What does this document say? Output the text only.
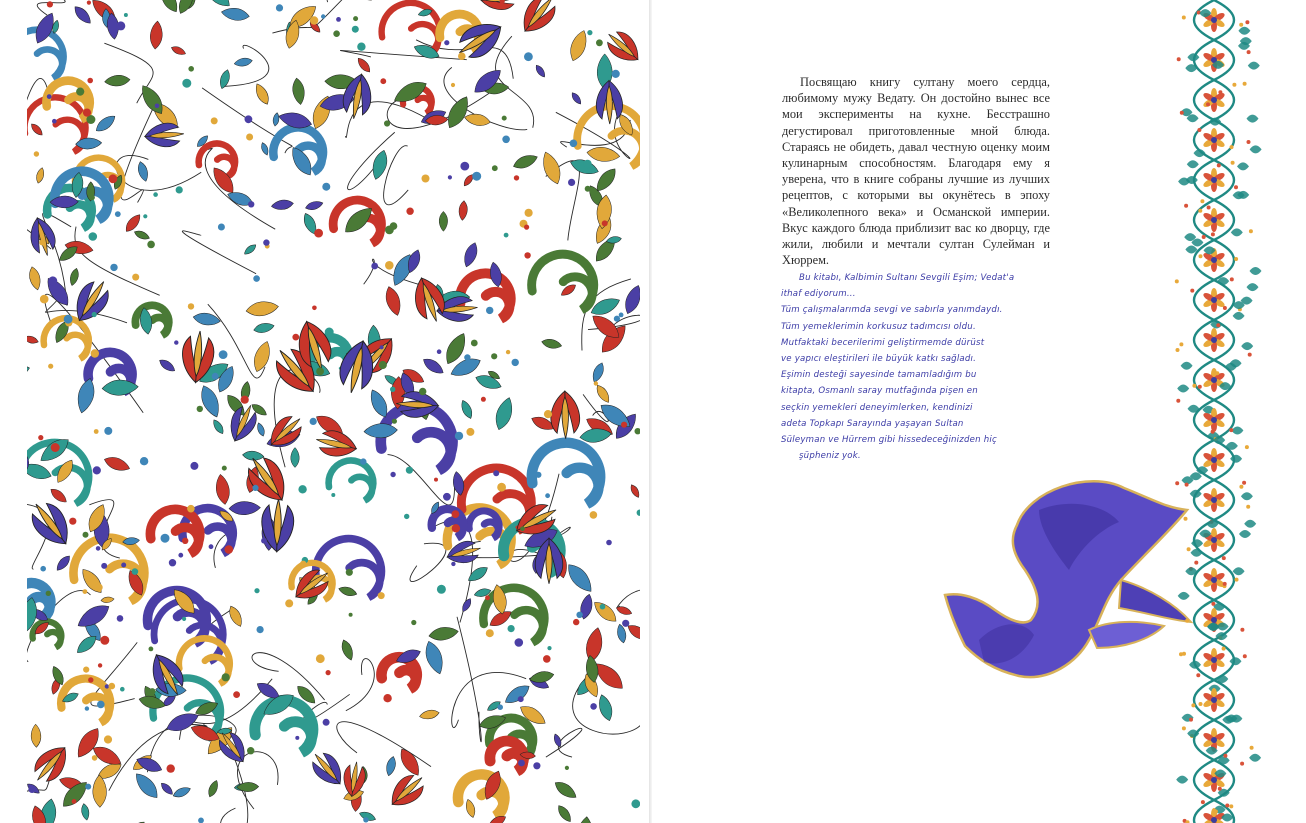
Посвящаю книгу султану моего сердца, любимому мужу Ведату. Он достойно вынес все мои эксперименты на кухне. Бесстрашно дегустировал приготовленные мной блюда. Стараясь не обидеть, давал честную оценку моим кулинарным способностям. Благодаря ему я уверена, что в книге собраны лучшие из лучших рецептов, с которыми вы окунётесь в эпоху «Великолепного века» и Османской империи. Вкус каждого блюда приблизит вас ко дворцу, где жили, любили и мечтали султан Сулейман и Хюррем.

Bu kitabı, Kalbimin Sultanı Sevgili Eşim; Vedat'a
ithaf ediyorum...
Tüm çalışmalarımda sevgi ve sabırla yanımdaydı.
Tüm yemeklerimin korkusuz tadımcısı oldu.
Mutfaktaki becerilerimi geliştirmemde dürüst
ve yapıcı eleştirileri ile büyük katkı sağladı.
Eşimin desteği sayesinde tamamladığım bu
kitapta, Osmanlı saray mutfağında pişen en
seçkin yemekleri deneyimlerken, kendinizi
adeta Topkapı Sarayında yaşayan Sultan
Süleyman ve Hürrem gibi hissedeceğinizden hiç
şüpheniz yok.
